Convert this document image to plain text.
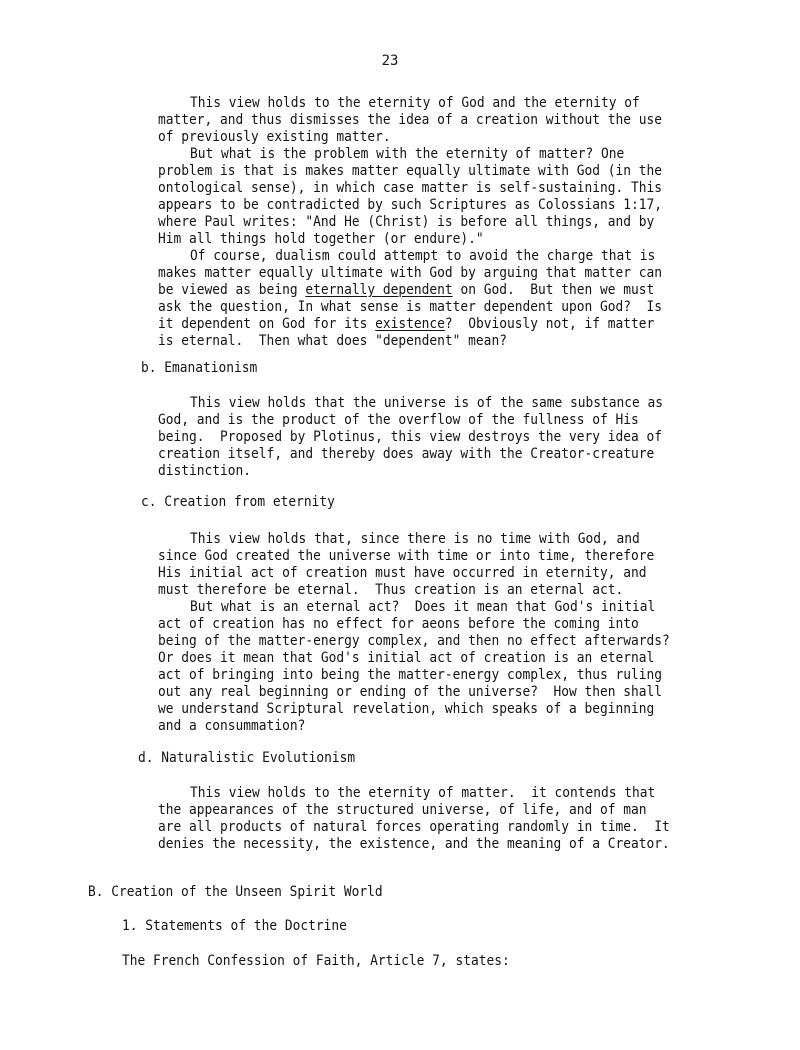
23
This view holds to the eternity of God and the eternity of
matter, and thus dismisses the idea of a creation without the use
of previously existing matter.
But what is the problem with the eternity of matter? One
problem is that is makes matter equally ultimate with God (in the
ontological sense), in which case matter is self-sustaining. This
appears to be contradicted by such Scriptures as Colossians 1:17,
where Paul writes: "And He (Christ) is before all things, and by
Him all things hold together (or endure)."
Of course, dualism could attempt to avoid the charge that is
makes matter equally ultimate with God by arguing that matter can
be viewed as being eternally dependent on God.  But then we must
ask the question, In what sense is matter dependent upon God?  Is
it dependent on God for its existence?  Obviously not, if matter
is eternal.  Then what does "dependent" mean?
b. Emanationism
This view holds that the universe is of the same substance as
God, and is the product of the overflow of the fullness of His
being.  Proposed by Plotinus, this view destroys the very idea of
creation itself, and thereby does away with the Creator-creature
distinction.
c. Creation from eternity
This view holds that, since there is no time with God, and
since God created the universe with time or into time, therefore
His initial act of creation must have occurred in eternity, and
must therefore be eternal.  Thus creation is an eternal act.
But what is an eternal act?  Does it mean that God's initial
act of creation has no effect for aeons before the coming into
being of the matter-energy complex, and then no effect afterwards?
Or does it mean that God's initial act of creation is an eternal
act of bringing into being the matter-energy complex, thus ruling
out any real beginning or ending of the universe?  How then shall
we understand Scriptural revelation, which speaks of a beginning
and a consummation?
d. Naturalistic Evolutionism
This view holds to the eternity of matter.  it contends that
the appearances of the structured universe, of life, and of man
are all products of natural forces operating randomly in time.  It
denies the necessity, the existence, and the meaning of a Creator.
B. Creation of the Unseen Spirit World
1. Statements of the Doctrine
The French Confession of Faith, Article 7, states:
